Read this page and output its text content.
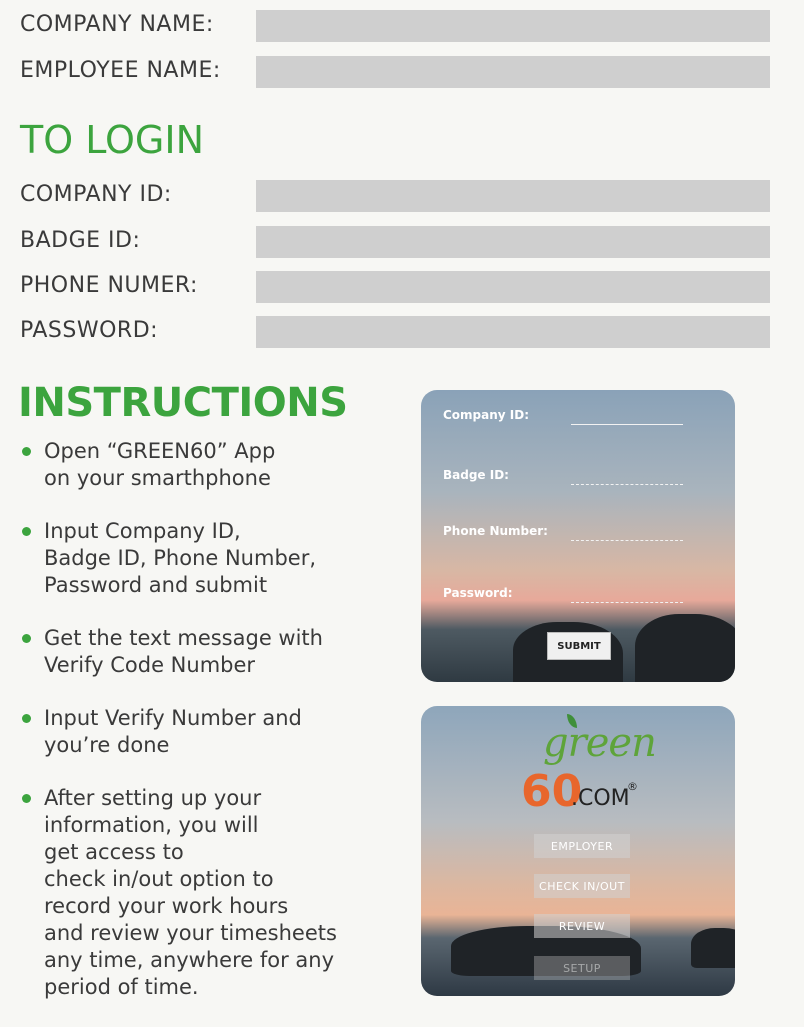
COMPANY NAME:
EMPLOYEE NAME:
TO LOGIN
COMPANY ID:
BADGE ID:
PHONE NUMER:
PASSWORD:
INSTRUCTIONS
Open “GREEN60” App
on your smarthphone
Input Company ID,
Badge ID, Phone Number,
Password and submit
Get the text message with
Verify Code Number
Input Verify Number and
you’re done
After setting up your
information, you will
get access to
check in/out option to
record your work hours
and review your timesheets
any time, anywhere for any
period of time.
Company ID:
Badge ID:
Phone Number:
Password:
SUBMIT
green
60
.COM
®
EMPLOYER
CHECK IN/OUT
REVIEW
SETUP
